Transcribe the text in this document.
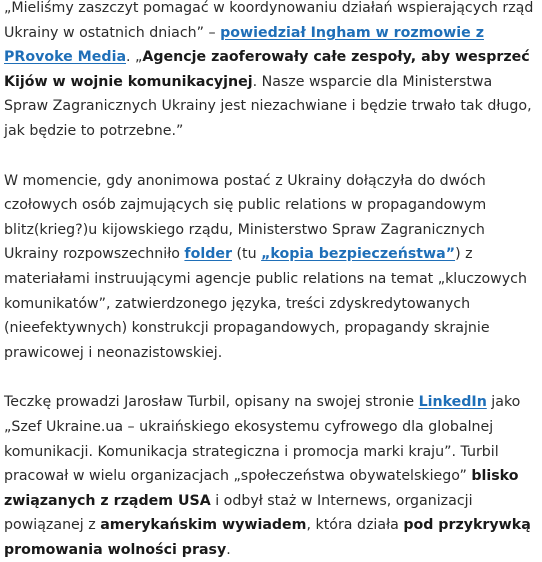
„Mieliśmy zaszczyt pomagać w koordynowaniu działań wspierających rząd Ukrainy w ostatnich dniach” – powiedział Ingham w rozmowie z PRovoke Media. „Agencje zaoferowały całe zespoły, aby wesprzeć Kijów w wojnie komunikacyjnej. Nasze wsparcie dla Ministerstwa Spraw Zagranicznych Ukrainy jest niezachwiane i będzie trwało tak długo, jak będzie to potrzebne.”

W momencie, gdy anonimowa postać z Ukrainy dołączyła do dwóch czołowych osób zajmujących się public relations w propagandowym blitz(krieg?)u kijowskiego rządu, Ministerstwo Spraw Zagranicznych Ukrainy rozpowszechniło folder (tu „kopia bezpieczeństwa”) z materiałami instruującymi agencje public relations na temat „kluczowych komunikatów”, zatwierdzonego języka, treści zdyskredytowanych (nieefektywnych) konstrukcji propagandowych, propagandy skrajnie prawicowej i neonazistowskiej.

Teczkę prowadzi Jarosław Turbil, opisany na swojej stronie LinkedIn jako „Szef Ukraine.ua – ukraińskiego ekosystemu cyfrowego dla globalnej komunikacji. Komunikacja strategiczna i promocja marki kraju”. Turbil pracował w wielu organizacjach „społeczeństwa obywatelskiego” blisko związanych z rządem USA i odbył staż w Internews, organizacji powiązanej z amerykańskim wywiadem, która działa pod przykrywką promowania wolności prasy.
